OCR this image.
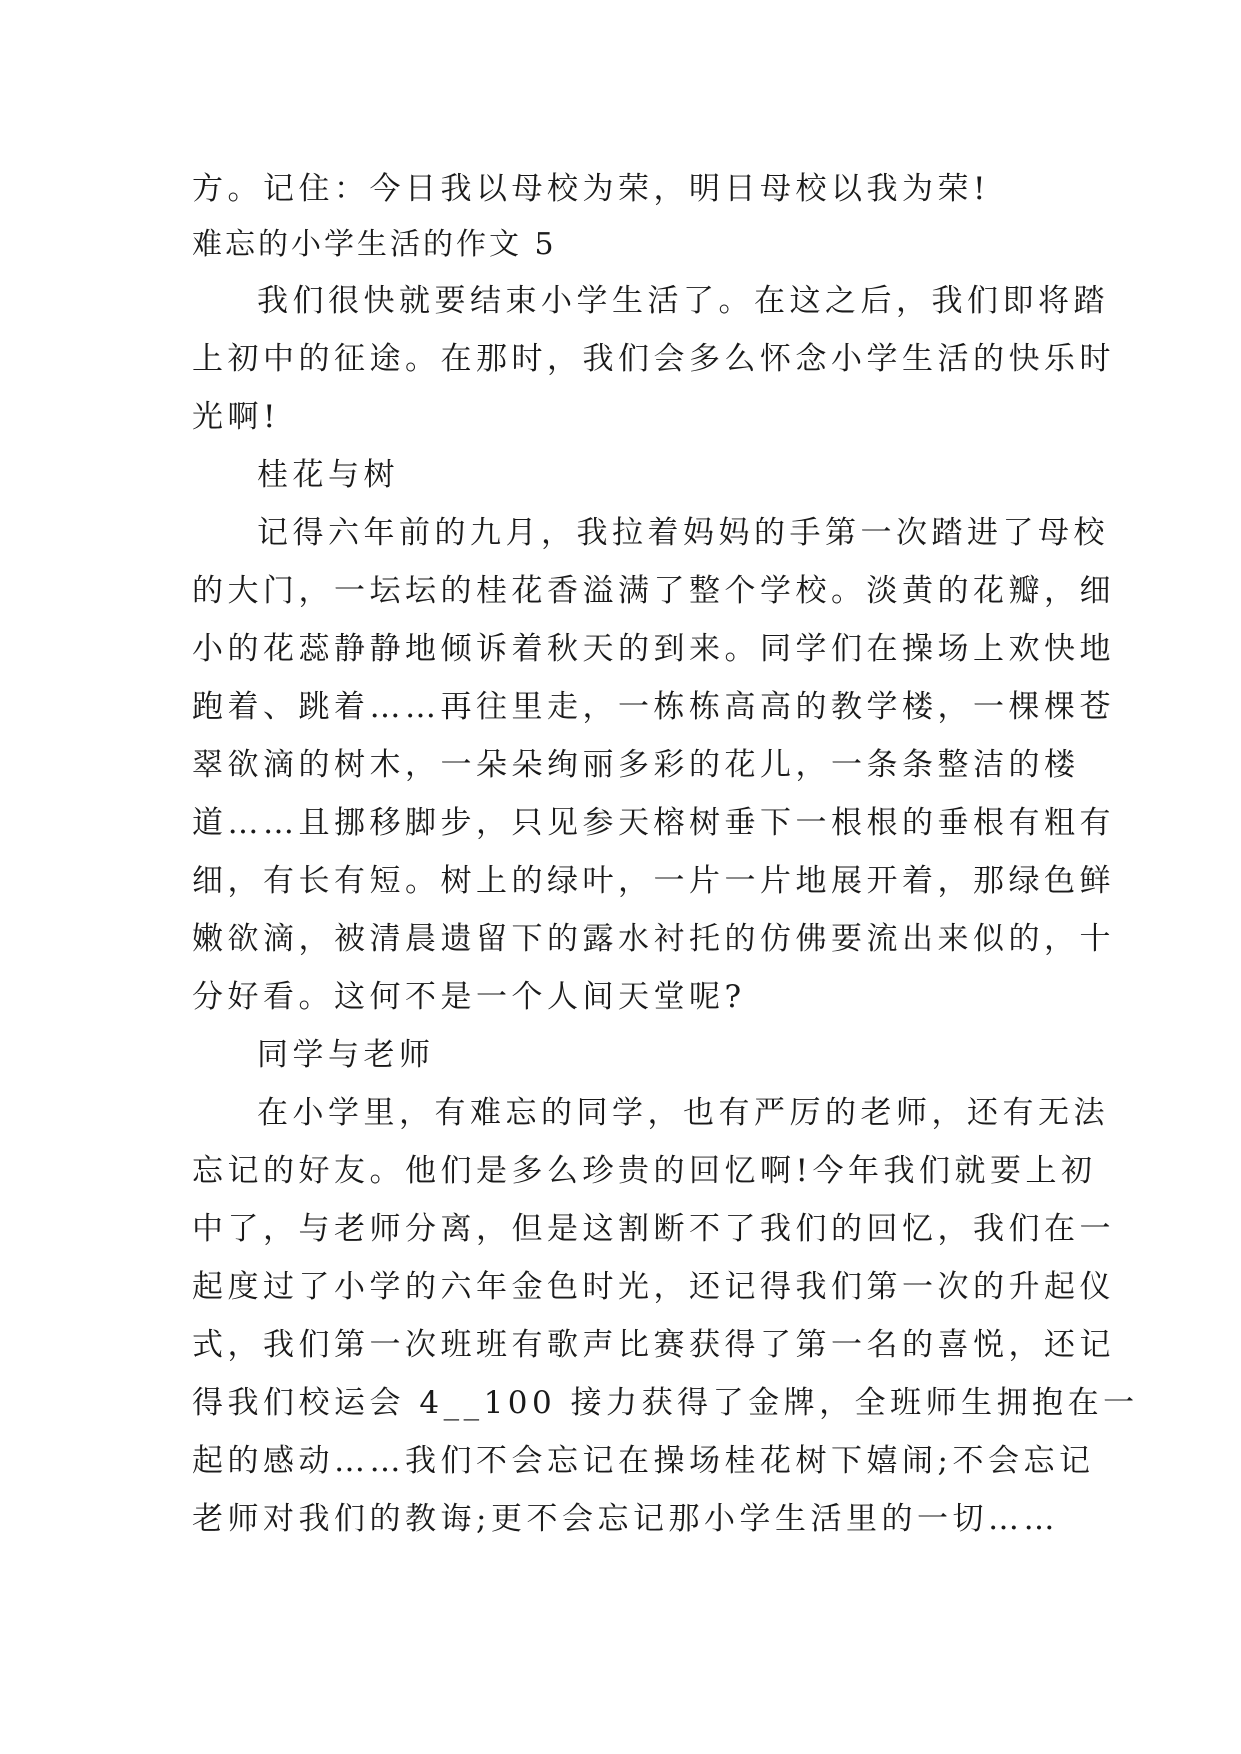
方。记住：今日我以母校为荣，明日母校以我为荣!
难忘的小学生活的作文 5
我们很快就要结束小学生活了。在这之后，我们即将踏
上初中的征途。在那时，我们会多么怀念小学生活的快乐时
光啊!
桂花与树
记得六年前的九月，我拉着妈妈的手第一次踏进了母校
的大门，一坛坛的桂花香溢满了整个学校。淡黄的花瓣，细
小的花蕊静静地倾诉着秋天的到来。同学们在操场上欢快地
跑着、跳着……再往里走，一栋栋高高的教学楼，一棵棵苍
翠欲滴的树木，一朵朵绚丽多彩的花儿，一条条整洁的楼
道……且挪移脚步，只见参天榕树垂下一根根的垂根有粗有
细，有长有短。树上的绿叶，一片一片地展开着，那绿色鲜
嫩欲滴，被清晨遗留下的露水衬托的仿佛要流出来似的，十
分好看。这何不是一个人间天堂呢?
同学与老师
在小学里，有难忘的同学，也有严厉的老师，还有无法
忘记的好友。他们是多么珍贵的回忆啊!今年我们就要上初
中了，与老师分离，但是这割断不了我们的回忆，我们在一
起度过了小学的六年金色时光，还记得我们第一次的升起仪
式，我们第一次班班有歌声比赛获得了第一名的喜悦，还记
得我们校运会 4__100 接力获得了金牌，全班师生拥抱在一
起的感动……我们不会忘记在操场桂花树下嬉闹;不会忘记
老师对我们的教诲;更不会忘记那小学生活里的一切……
